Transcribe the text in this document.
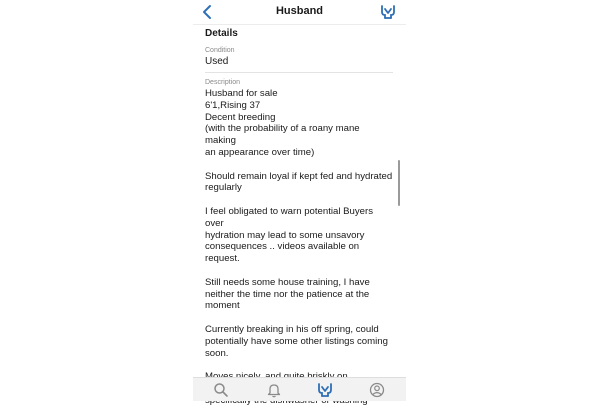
Husband
Details
Condition
Used
Description

Husband for sale
6'1,Rising 37
Decent breeding
(with the probability of a roany mane making
an appearance over time)

Should remain loyal if kept fed and hydrated
regularly

I feel obligated to warn potential Buyers over
hydration may lead to some unsavory
consequences .. videos available on request.

Still needs some house training, I have
neither the time nor the patience at the
moment

Currently breaking in his off spring, could
potentially have some other listings coming
soon.
